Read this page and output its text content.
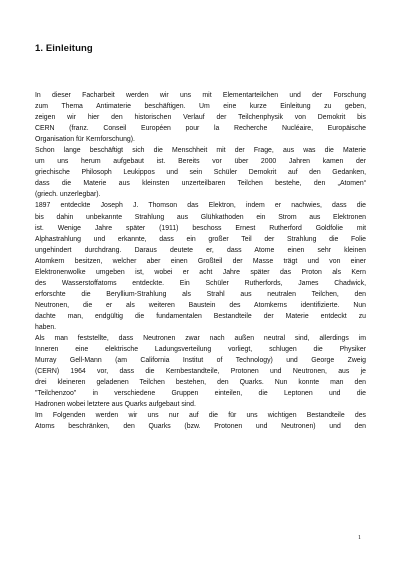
1. Einleitung
In dieser Facharbeit werden wir uns mit Elementarteilchen und der Forschung
zum Thema Antimaterie beschäftigen. Um eine kurze Einleitung zu geben,
zeigen wir hier den historischen Verlauf der Teilchenphysik von Demokrit bis
CERN (franz. Conseil Européen pour la Recherche Nucléaire, Europäische
Organisation für Kernforschung).
Schon lange beschäftigt sich die Menschheit mit der Frage, aus was die Materie
um uns herum aufgebaut ist. Bereits vor über 2000 Jahren kamen der
griechische Philosoph Leukippos und sein Schüler Demokrit auf den Gedanken,
dass die Materie aus kleinsten unzerteilbaren Teilchen bestehe, den „Atomen“
(griech. unzerlegbar).
1897 entdeckte Joseph J. Thomson das Elektron, indem er nachwies, dass die
bis dahin unbekannte Strahlung aus Glühkathoden ein Strom aus Elektronen
ist. Wenige Jahre später (1911) beschoss Ernest Rutherford Goldfolie mit
Alphastrahlung und erkannte, dass ein großer Teil der Strahlung die Folie
ungehindert durchdrang. Daraus deutete er, dass Atome einen sehr kleinen
Atomkern besitzen, welcher aber einen Großteil der Masse trägt und von einer
Elektronenwolke umgeben ist, wobei er acht Jahre später das Proton als Kern
des Wasserstoffatoms entdeckte. Ein Schüler Rutherfords, James Chadwick,
erforschte die Beryllium-Strahlung als Strahl aus neutralen Teilchen, den
Neutronen, die er als weiteren Baustein des Atomkerns identifizierte. Nun
dachte man, endgültig die fundamentalen Bestandteile der Materie entdeckt zu
haben.
Als man feststellte, dass Neutronen zwar nach außen neutral sind, allerdings im
Inneren eine elektrische Ladungsverteilung vorliegt, schlugen die Physiker
Murray Gell-Mann (am California Institut of Technology) und George Zweig
(CERN) 1964 vor, dass die Kernbestandteile, Protonen und Neutronen, aus je
drei kleineren geladenen Teilchen bestehen, den Quarks. Nun konnte man den
"Teilchenzoo" in verschiedene Gruppen einteilen, die Leptonen und die
Hadronen wobei letztere aus Quarks aufgebaut sind.
Im Folgenden werden wir uns nur auf die für uns wichtigen Bestandteile des
Atoms beschränken, den Quarks (bzw. Protonen und Neutronen) und den
1
